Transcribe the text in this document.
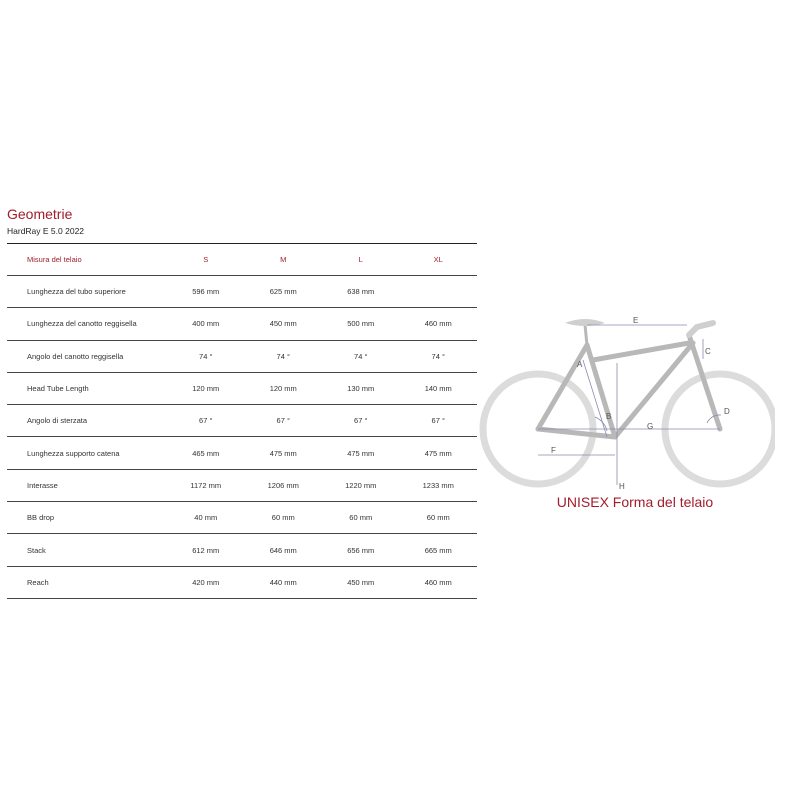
Geometrie
HardRay E 5.0 2022
Misura del telaio	S	M	L	XL
Lunghezza del tubo superiore	596 mm	625 mm	638 mm	
Lunghezza del canotto reggisella	400 mm	450 mm	500 mm	460 mm
Angolo del canotto reggisella	74 °	74 °	74 °	74 °
Head Tube Length	120 mm	120 mm	130 mm	140 mm
Angolo di sterzata	67 °	67 °	67 °	67 °
Lunghezza supporto catena	465 mm	475 mm	475 mm	475 mm
Interasse	1172 mm	1206 mm	1220 mm	1233 mm
BB drop	40 mm	60 mm	60 mm	60 mm
Stack	612 mm	646 mm	656 mm	665 mm
Reach	420 mm	440 mm	450 mm	460 mm
E
A
C
B
F
G
D
H
UNISEX Forma del telaio
